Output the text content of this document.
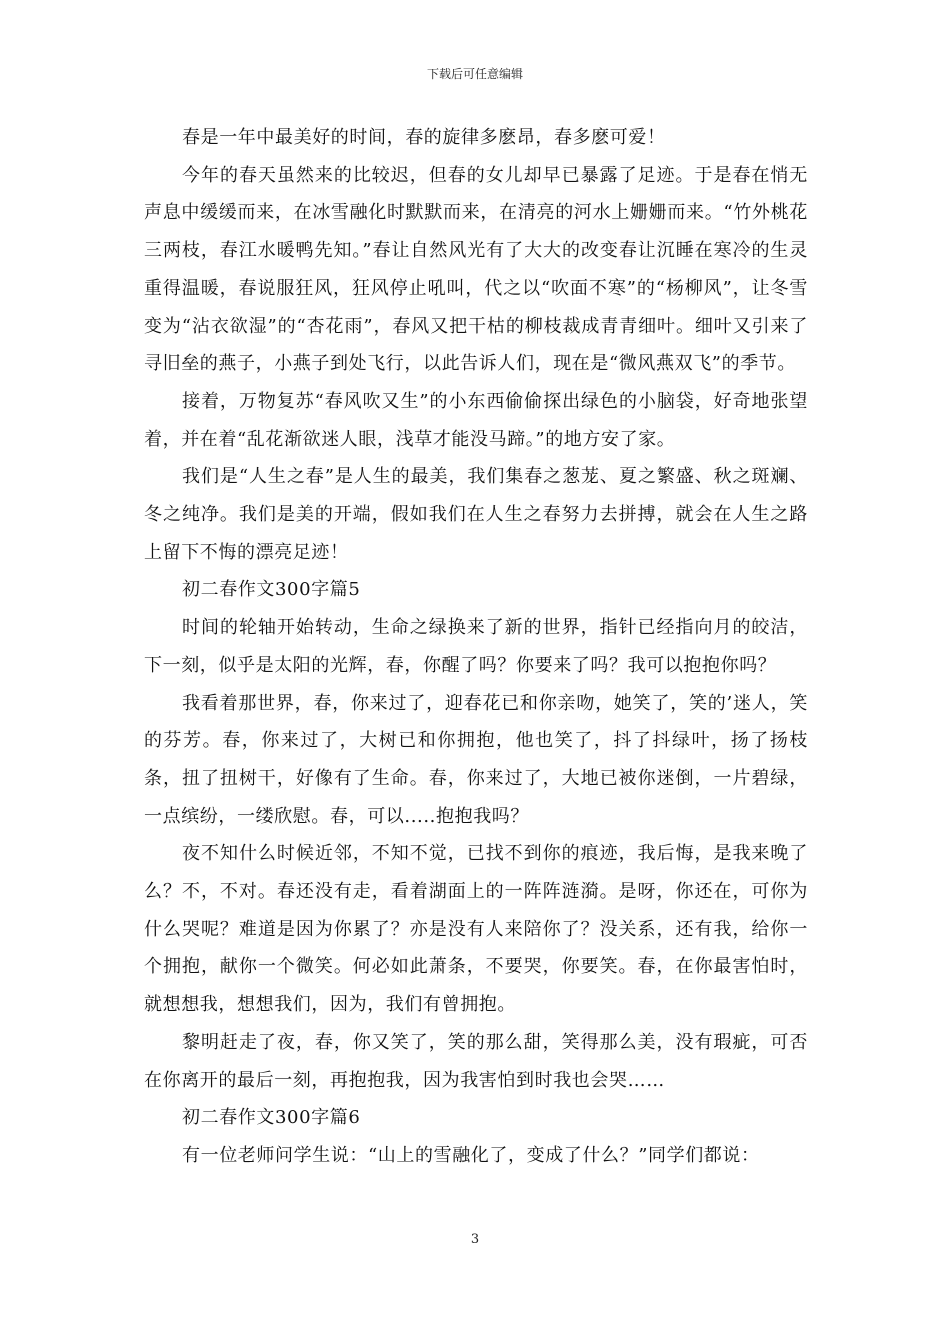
下载后可任意编辑

春是一年中最美好的时间，春的旋律多麽昂，春多麽可爱！

今年的春天虽然来的比较迟，但春的女儿却早已暴露了足迹。于是春在悄无声息中缓缓而来，在冰雪融化时默默而来，在清亮的河水上姗姗而来。“竹外桃花三两枝，春江水暖鸭先知。”春让自然风光有了大大的改变春让沉睡在寒冷的生灵重得温暖，春说服狂风，狂风停止吼叫，代之以“吹面不寒”的“杨柳风”，让冬雪变为“沾衣欲湿”的“杏花雨”，春风又把干枯的柳枝裁成青青细叶。细叶又引来了寻旧垒的燕子，小燕子到处飞行，以此告诉人们，现在是“微风燕双飞”的季节。

接着，万物复苏“春风吹又生”的小东西偷偷探出绿色的小脑袋，好奇地张望着，并在着“乱花渐欲迷人眼，浅草才能没马蹄。”的地方安了家。

我们是“人生之春”是人生的最美，我们集春之葱茏、夏之繁盛、秋之斑斓、冬之纯净。我们是美的开端，假如我们在人生之春努力去拼搏，就会在人生之路上留下不悔的漂亮足迹！

初二春作文300字篇5

时间的轮轴开始转动，生命之绿换来了新的世界，指针已经指向月的皎洁，下一刻，似乎是太阳的光辉，春，你醒了吗？你要来了吗？我可以抱抱你吗？

我看着那世界，春，你来过了，迎春花已和你亲吻，她笑了，笑的’迷人，笑的芬芳。春，你来过了，大树已和你拥抱，他也笑了，抖了抖绿叶，扬了扬枝条，扭了扭树干，好像有了生命。春，你来过了，大地已被你迷倒，一片碧绿，一点缤纷，一缕欣慰。春，可以.....抱抱我吗？

夜不知什么时候近邻，不知不觉，已找不到你的痕迹，我后悔，是我来晚了么？不，不对。春还没有走，看着湖面上的一阵阵涟漪。是呀，你还在，可你为什么哭呢？难道是因为你累了？亦是没有人来陪你了？没关系，还有我，给你一个拥抱，献你一个微笑。何必如此萧条，不要哭，你要笑。春，在你最害怕时，就想想我，想想我们，因为，我们有曾拥抱。

黎明赶走了夜，春，你又笑了，笑的那么甜，笑得那么美，没有瑕疵，可否在你离开的最后一刻，再抱抱我，因为我害怕到时我也会哭……

初二春作文300字篇6

有一位老师问学生说：“山上的雪融化了，变成了什么？”同学们都说：

3
